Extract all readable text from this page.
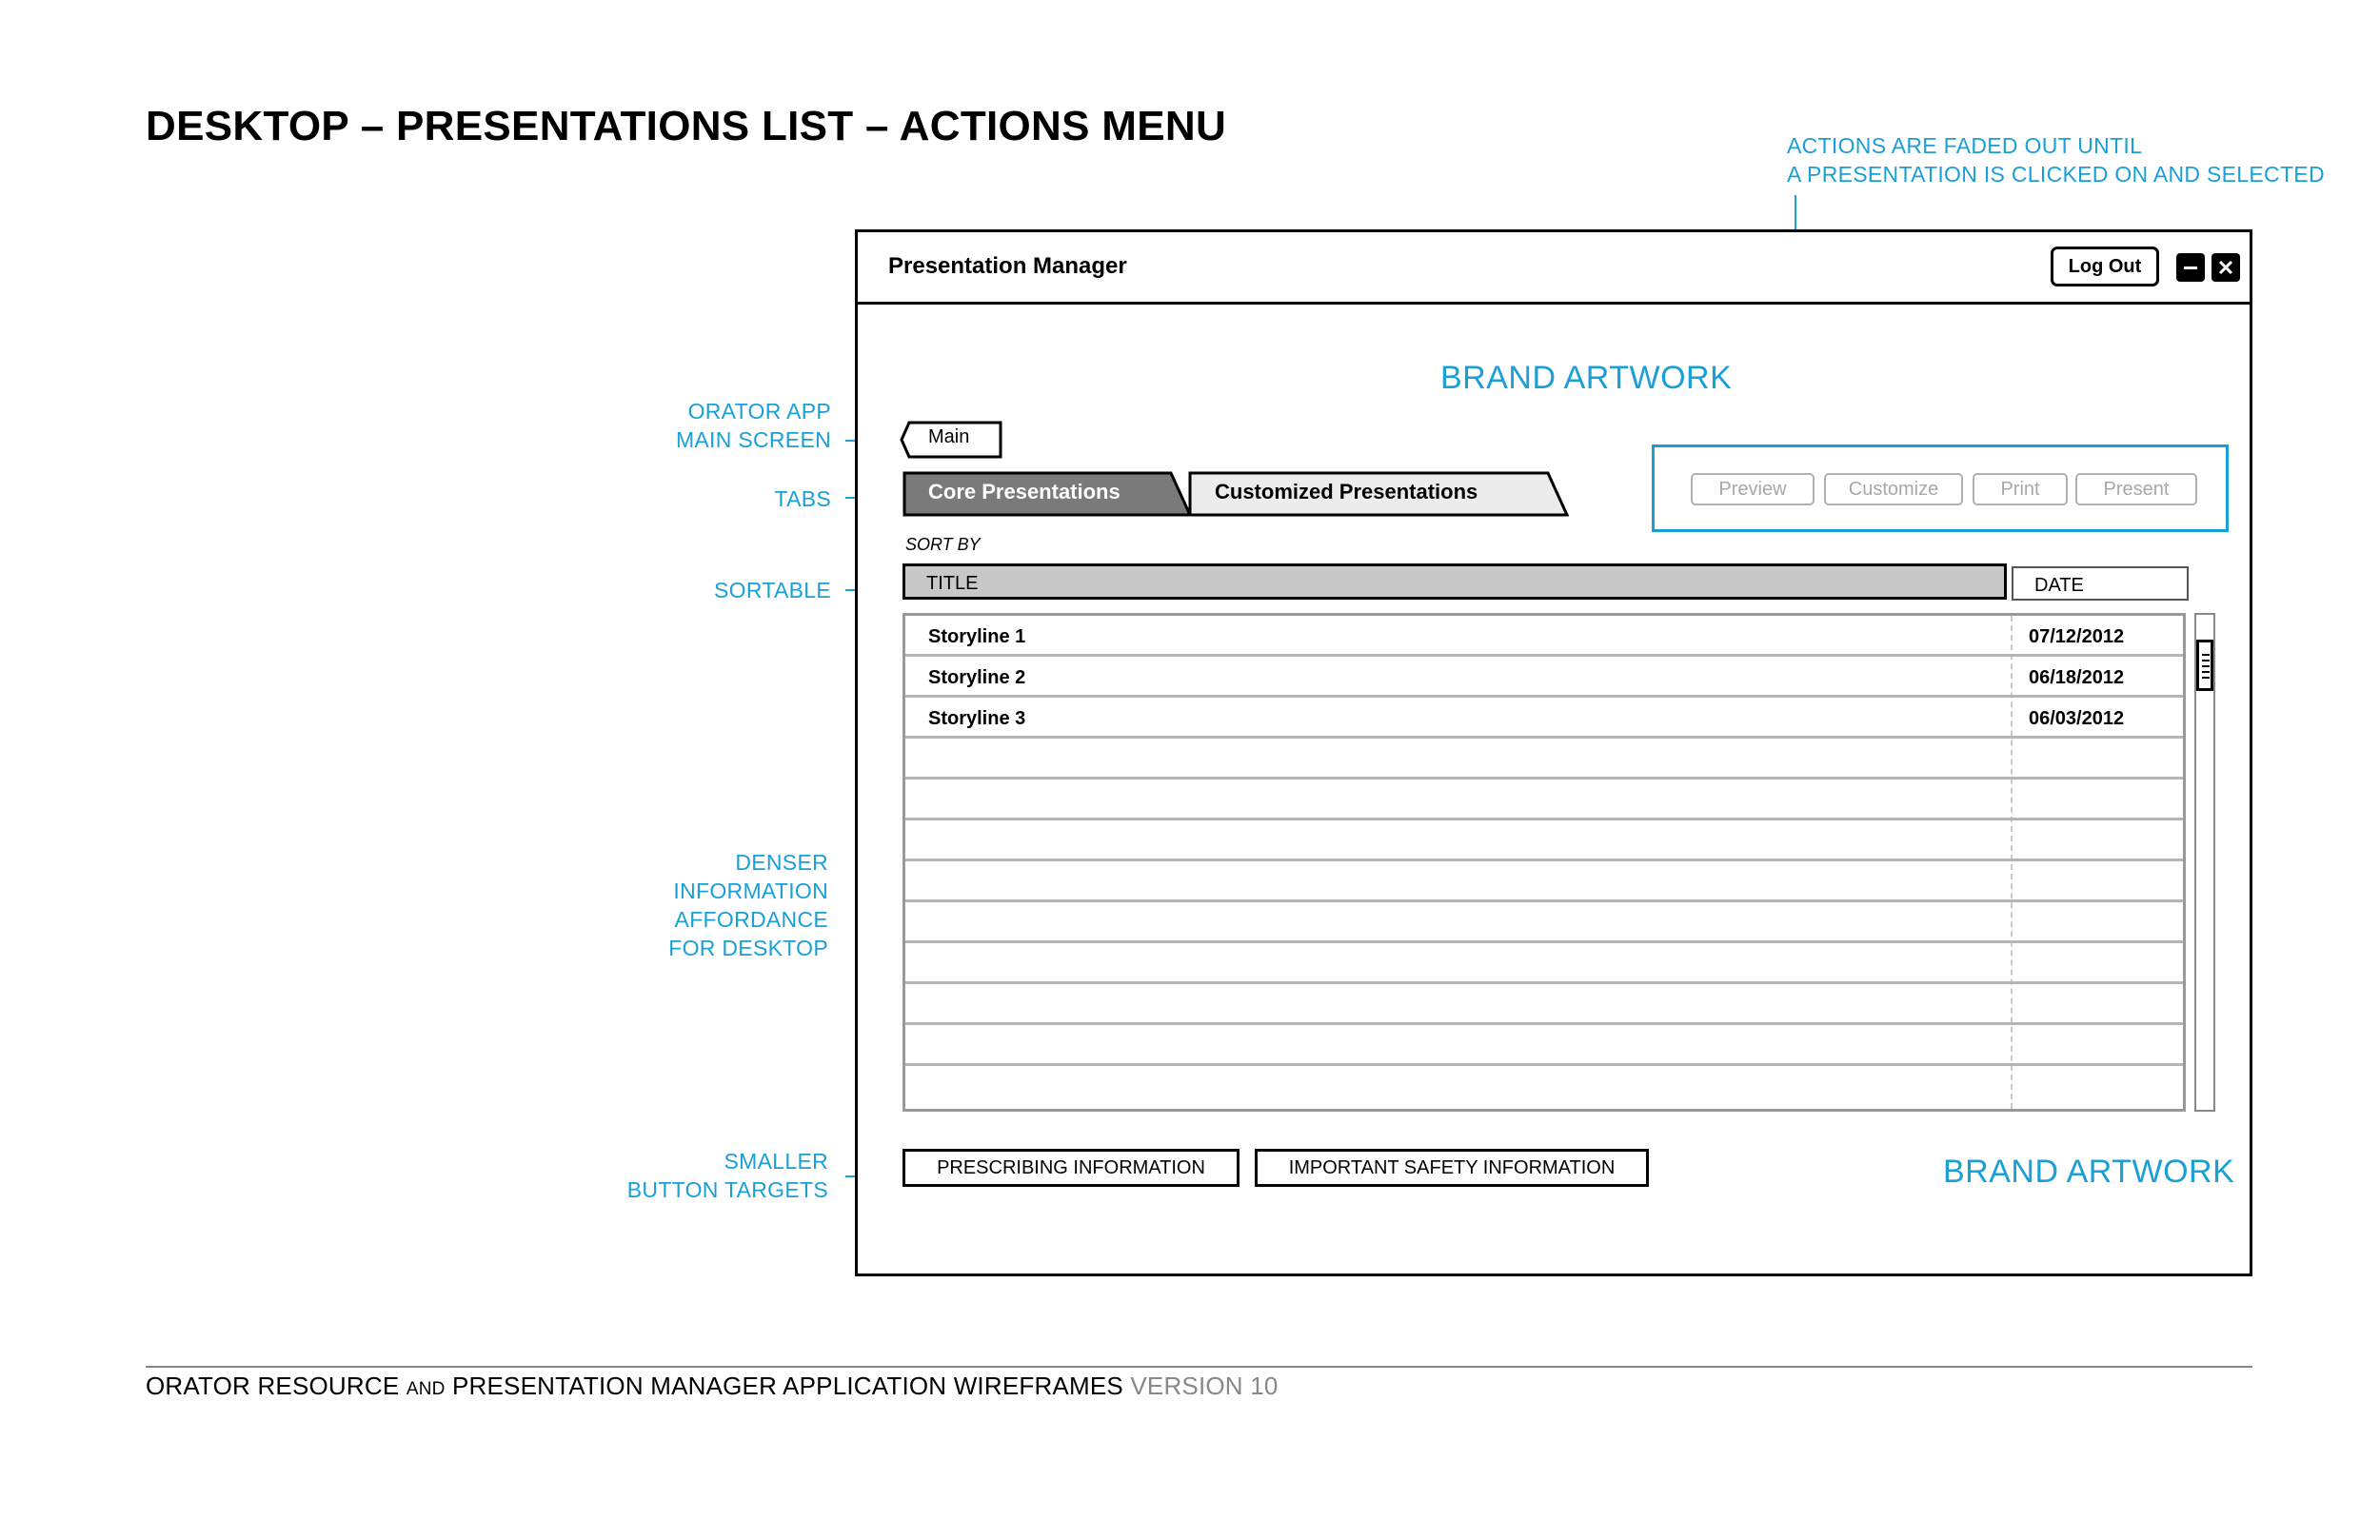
DESKTOP – PRESENTATIONS LIST – ACTIONS MENU	ACTIONS ARE FADED OUT UNTIL
A PRESENTATION IS CLICKED ON AND SELECTED
ORATOR APP
MAIN SCREEN
TABS
SORTABLE
DENSER
INFORMATION
AFFORDANCE
FOR DESKTOP
SMALLER
BUTTON TARGETS
Presentation Manager	Log Out
BRAND ARTWORK
Main
Core Presentations	Customized Presentations	Preview	Customize	Print	Present
SORT BY
TITLE	DATE
Storyline 1	07/12/2012
Storyline 2	06/18/2012
Storyline 3	06/03/2012
PRESCRIBING INFORMATION	IMPORTANT SAFETY INFORMATION	BRAND ARTWORK
ORATOR RESOURCE AND PRESENTATION MANAGER APPLICATION WIREFRAMES VERSION 10
